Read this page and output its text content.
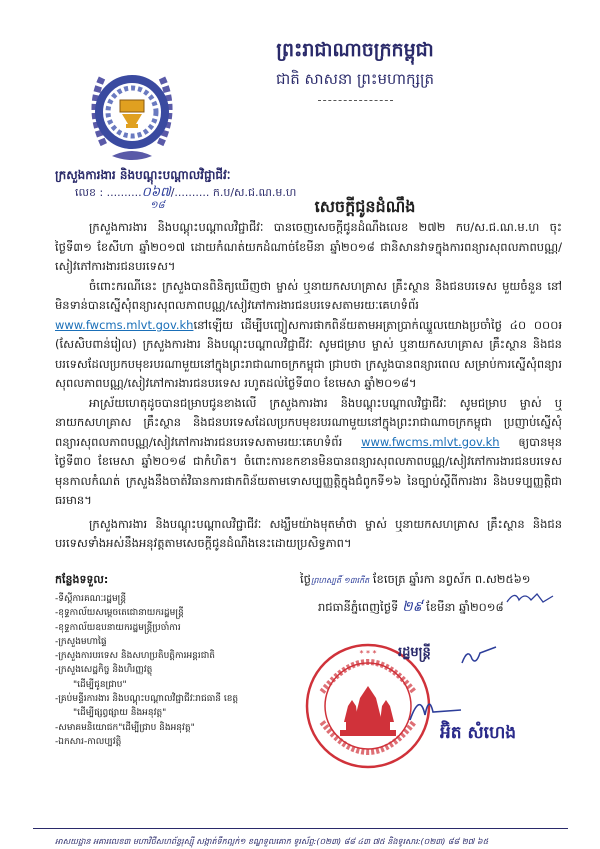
ព្រះរាជាណាចក្រកម្ពុជា
ជាតិ សាសនា ព្រះមហាក្សត្រ
ក្រសួងការងារ និងបណ្តុះបណ្តាលវិជ្ជាជីវៈ
លេខ : ..........០៦៧/.......... ក.ប/ស.ជ.ណ.ម.ហ
១៨	សេចក្តីជូនដំណឹង

ក្រសួងការងារ និងបណ្តុះបណ្តាលវិជ្ជាជីវៈ បានចេញសេចក្តីជូនដំណឹងលេខ ២៧២ កប/ស.ជ.ណ.ម.ហ ចុះថ្ងៃទី៣១ ខែសីហា ឆ្នាំ២០១៧ ដោយកំណត់យកដំណាច់ខែមីនា ឆ្នាំ២០១៨ ជានិសានវាទក្នុងការពន្យារសុពលភាពបណ្ណ/សៀវភៅការងារជនបរទេស។

ចំពោះករណីនេះ ក្រសួងបានពិនិត្យឃើញថា ម្ចាស់ ឬនាយកសហគ្រាស គ្រឹះស្ថាន និងជនបរទេស មួយចំនួន នៅមិនទាន់បានស្នើសុំពន្យារសុពលភាពបណ្ណ/សៀវភៅការងារជនបរទេសតាមរយៈគេហទំព័រ www.fwcms.mlvt.gov.khនៅឡើយ ដើម្បីបញ្ចៀសការផាកពិន័យតាមអត្រាប្រាក់ឈ្នួលយោងប្រចាំថ្ងៃ ៤០ ០០០៛(សែសិបពាន់រៀល) ក្រសួងការងារ និងបណ្តុះបណ្តាលវិជ្ជាជីវៈ សូមជម្រាប ម្ចាស់ ឬនាយកសហគ្រាស គ្រឹះស្ថាន និងជនបរទេសដែលប្រកបមុខរបរណាមួយនៅក្នុងព្រះរាជាណាចក្រកម្ពុជា ជ្រាបថា ក្រសួងបានពន្យារពេល សម្រាប់ការស្នើសុំពន្យារសុពលភាពបណ្ណ/សៀវភៅការងារជនបរទេស រហូតដល់ថ្ងៃទី៣០ ខែមេសា ឆ្នាំ២០១៨។

អាស្រ័យហេតុដូចបានជម្រាបជូនខាងលើ ក្រសួងការងារ និងបណ្តុះបណ្តាលវិជ្ជាជីវៈ សូមជម្រាប ម្ចាស់ ឬនាយកសហគ្រាស គ្រឹះស្ថាន និងជនបរទេសដែលប្រកបមុខរបរណាមួយនៅក្នុងព្រះរាជាណាចក្រកម្ពុជា ប្រញាប់ស្នើសុំពន្យារសុពលភាពបណ្ណ/សៀវភៅការងារជនបរទេសតាមរយៈគេហទំព័រ www.fwcms.mlvt.gov.kh ឲ្យបានមុនថ្ងៃទី៣០ ខែមេសា ឆ្នាំ២០១៨ ជាកំហិត។ ចំពោះការខកខានមិនបានពន្យារសុពលភាពបណ្ណ/សៀវភៅការងារជនបរទេសមុនកាលកំណត់ ក្រសួងនឹងចាត់វិធានការផាកពិន័យតាមទោសប្បញ្ញត្តិក្នុងជំពូកទី១៦ នៃច្បាប់ស្តីពីការងារ និងបទប្បញ្ញត្តិជាធរមាន។

ក្រសួងការងារ និងបណ្តុះបណ្តាលវិជ្ជាជីវៈ សង្ឃឹមយ៉ាងមុតមាំថា ម្ចាស់ ឬនាយកសហគ្រាស គ្រឹះស្ថាន និងជនបរទេសទាំងអស់នឹងអនុវត្តតាមសេចក្តីជូនដំណឹងនេះដោយប្រសិទ្ធភាព។

កន្លែងទទួល:
-ទីស្តីការគណៈរដ្ឋមន្ត្រី
-ខុទ្ទកាល័យសម្តេចតេជោនាយករដ្ឋមន្ត្រី
-ខុទ្ទកាល័យឧបនាយករដ្ឋមន្ត្រីប្រចាំការ
-ក្រសួងមហាផ្ទៃ
-ក្រសួងការបរទេស និងសហប្រតិបត្តិការអន្តរជាតិ
-ក្រសួងសេដ្ឋកិច្ច និងហិរញ្ញវត្ថុ
"ដើម្បីជូនជ្រាប"
-គ្រប់មន្ទីរការងារ និងបណ្តុះបណ្តាលវិជ្ជាជីវៈរាជធានី ខេត្ត
"ដើម្បីផ្សព្វផ្សាយ និងអនុវត្ត"
-សមាគមនិយោជក"ដើម្បីជ្រាប និងអនុវត្ត"
-ឯកសារ-កាលប្បវត្តិ
ថ្ងៃព្រហស្បតិ៍ ១៣កើត ខែចេត្រ ឆ្នាំរកា នព្វស័ក ព.ស២៥៦១
រាជធានីភ្នំពេញថ្ងៃទី ២៩ ខែមីនា ឆ្នាំ២០១៨
* * * រដ្ឋមន្ត្រី
អ៊ិត សំហេង
អាសយដ្ឋាន អគារលេខ៣ មហាវិថីសហព័ន្ធរុស្ស៊ី សង្កាត់ទឹកល្អក់១ ខណ្ឌទួលគោក ទូរស័ព្ទ:(០២៣) ៨៨ ៤៣ ៧៥ និងទូរសារ:(០២៣) ៨៨ ២៧ ៦៥
